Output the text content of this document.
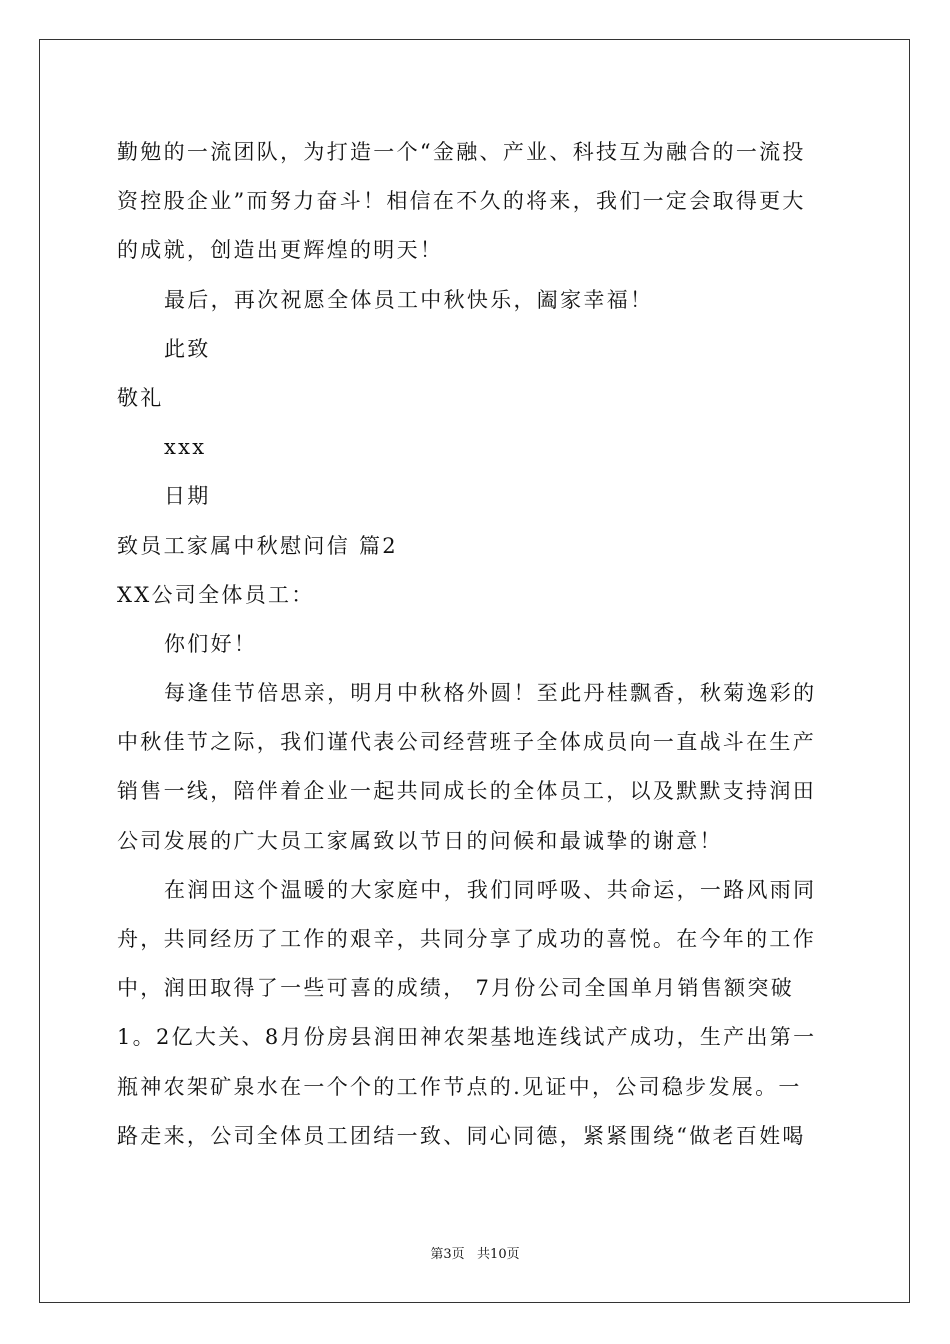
勤勉的一流团队，为打造一个“金融、产业、科技互为融合的一流投
资控股企业”而努力奋斗！相信在不久的将来，我们一定会取得更大
的成就，创造出更辉煌的明天！
最后，再次祝愿全体员工中秋快乐，阖家幸福！
此致
敬礼
xxx
日期
致员工家属中秋慰问信 篇2
XX公司全体员工：
你们好！
每逢佳节倍思亲，明月中秋格外圆！至此丹桂飘香，秋菊逸彩的
中秋佳节之际，我们谨代表公司经营班子全体成员向一直战斗在生产
销售一线，陪伴着企业一起共同成长的全体员工，以及默默支持润田
公司发展的广大员工家属致以节日的问候和最诚挚的谢意！
在润田这个温暖的大家庭中，我们同呼吸、共命运，一路风雨同
舟，共同经历了工作的艰辛，共同分享了成功的喜悦。在今年的工作
中，润田取得了一些可喜的成绩， 7月份公司全国单月销售额突破
1。2亿大关、8月份房县润田神农架基地连线试产成功，生产出第一
瓶神农架矿泉水在一个个的工作节点的.见证中，公司稳步发展。一
路走来，公司全体员工团结一致、同心同德，紧紧围绕“做老百姓喝
第3页   共10页
